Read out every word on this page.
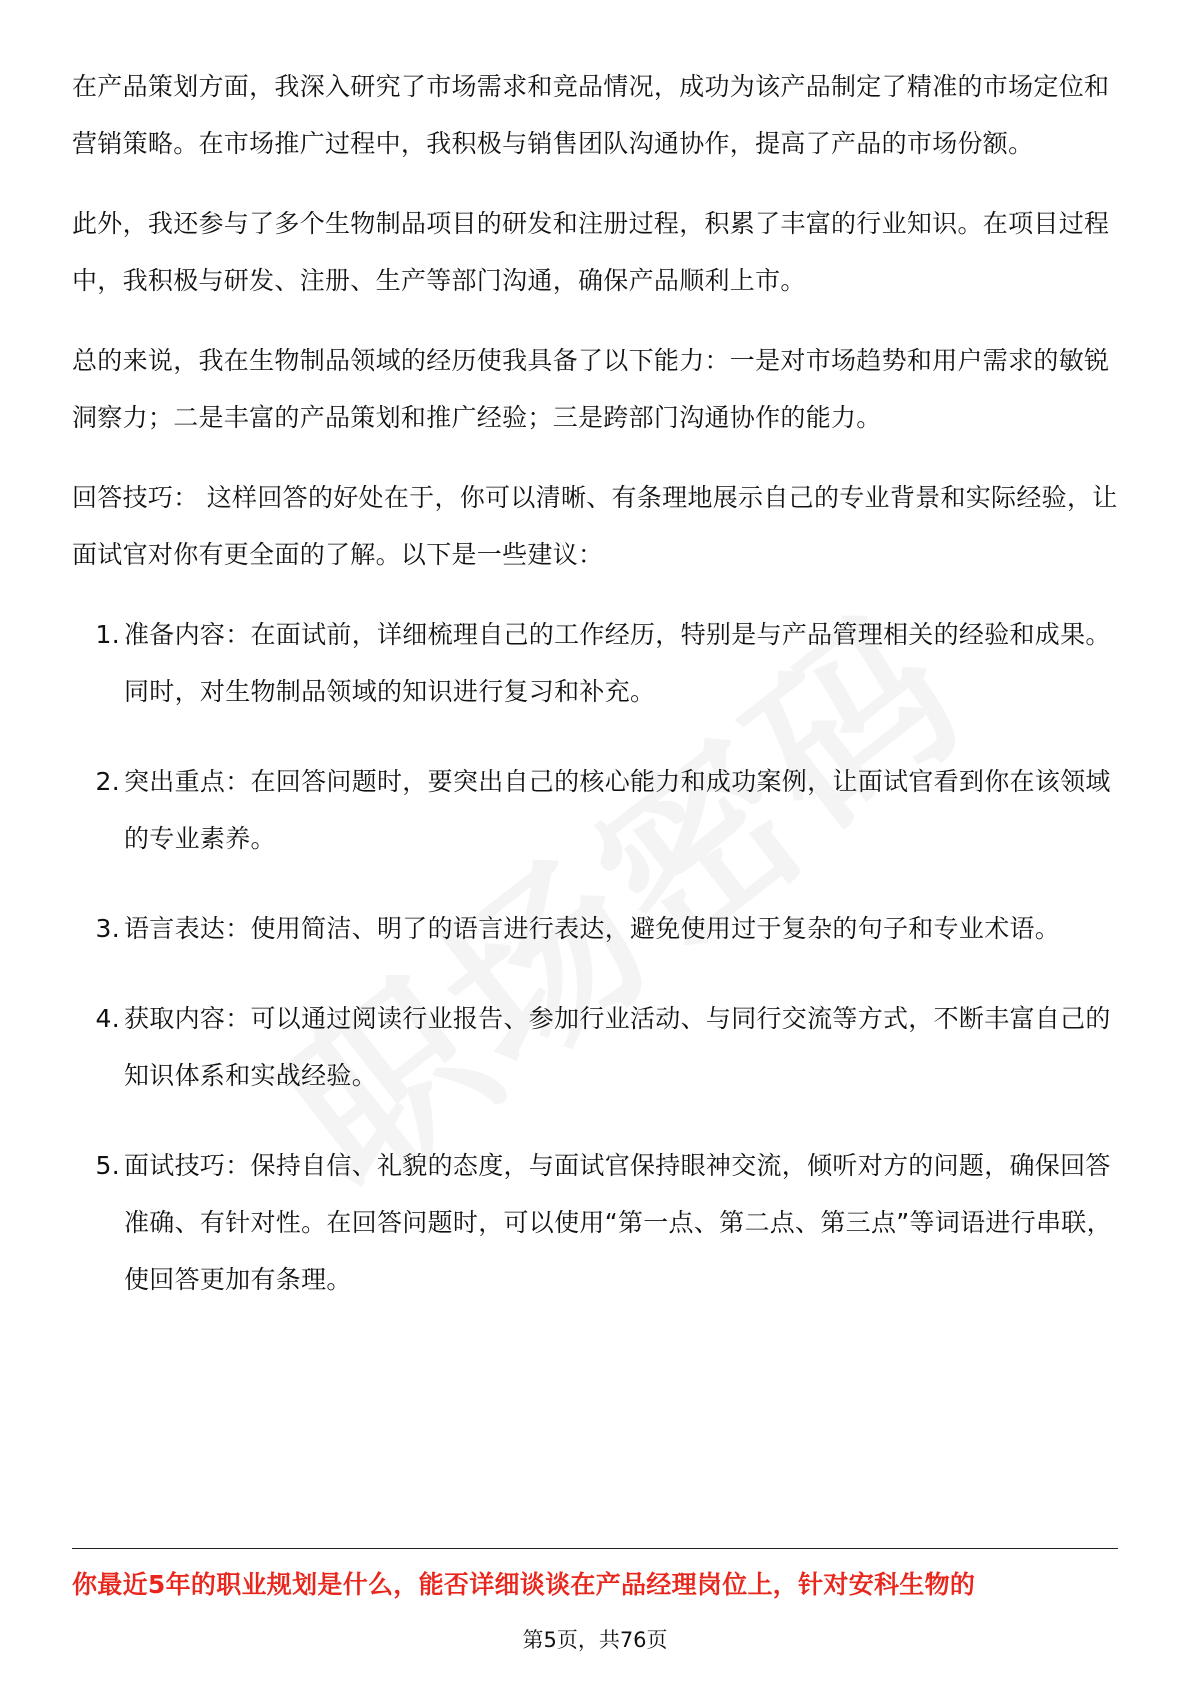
在产品策划方面，我深入研究了市场需求和竞品情况，成功为该产品制定了精准的市场定位和营销策略。在市场推广过程中，我积极与销售团队沟通协作，提高了产品的市场份额。

此外，我还参与了多个生物制品项目的研发和注册过程，积累了丰富的行业知识。在项目过程中，我积极与研发、注册、生产等部门沟通，确保产品顺利上市。

总的来说，我在生物制品领域的经历使我具备了以下能力：一是对市场趋势和用户需求的敏锐洞察力；二是丰富的产品策划和推广经验；三是跨部门沟通协作的能力。

回答技巧： 这样回答的好处在于，你可以清晰、有条理地展示自己的专业背景和实际经验，让面试官对你有更全面的了解。以下是一些建议：

1. 准备内容：在面试前，详细梳理自己的工作经历，特别是与产品管理相关的经验和成果。同时，对生物制品领域的知识进行复习和补充。
2. 突出重点：在回答问题时，要突出自己的核心能力和成功案例，让面试官看到你在该领域的专业素养。
3. 语言表达：使用简洁、明了的语言进行表达，避免使用过于复杂的句子和专业术语。
4. 获取内容：可以通过阅读行业报告、参加行业活动、与同行交流等方式，不断丰富自己的知识体系和实战经验。
5. 面试技巧：保持自信、礼貌的态度，与面试官保持眼神交流，倾听对方的问题，确保回答准确、有针对性。在回答问题时，可以使用“第一点、第二点、第三点”等词语进行串联，使回答更加有条理。
你最近5年的职业规划是什么，能否详细谈谈在产品经理岗位上，针对安科生物的
第5页，共76页
